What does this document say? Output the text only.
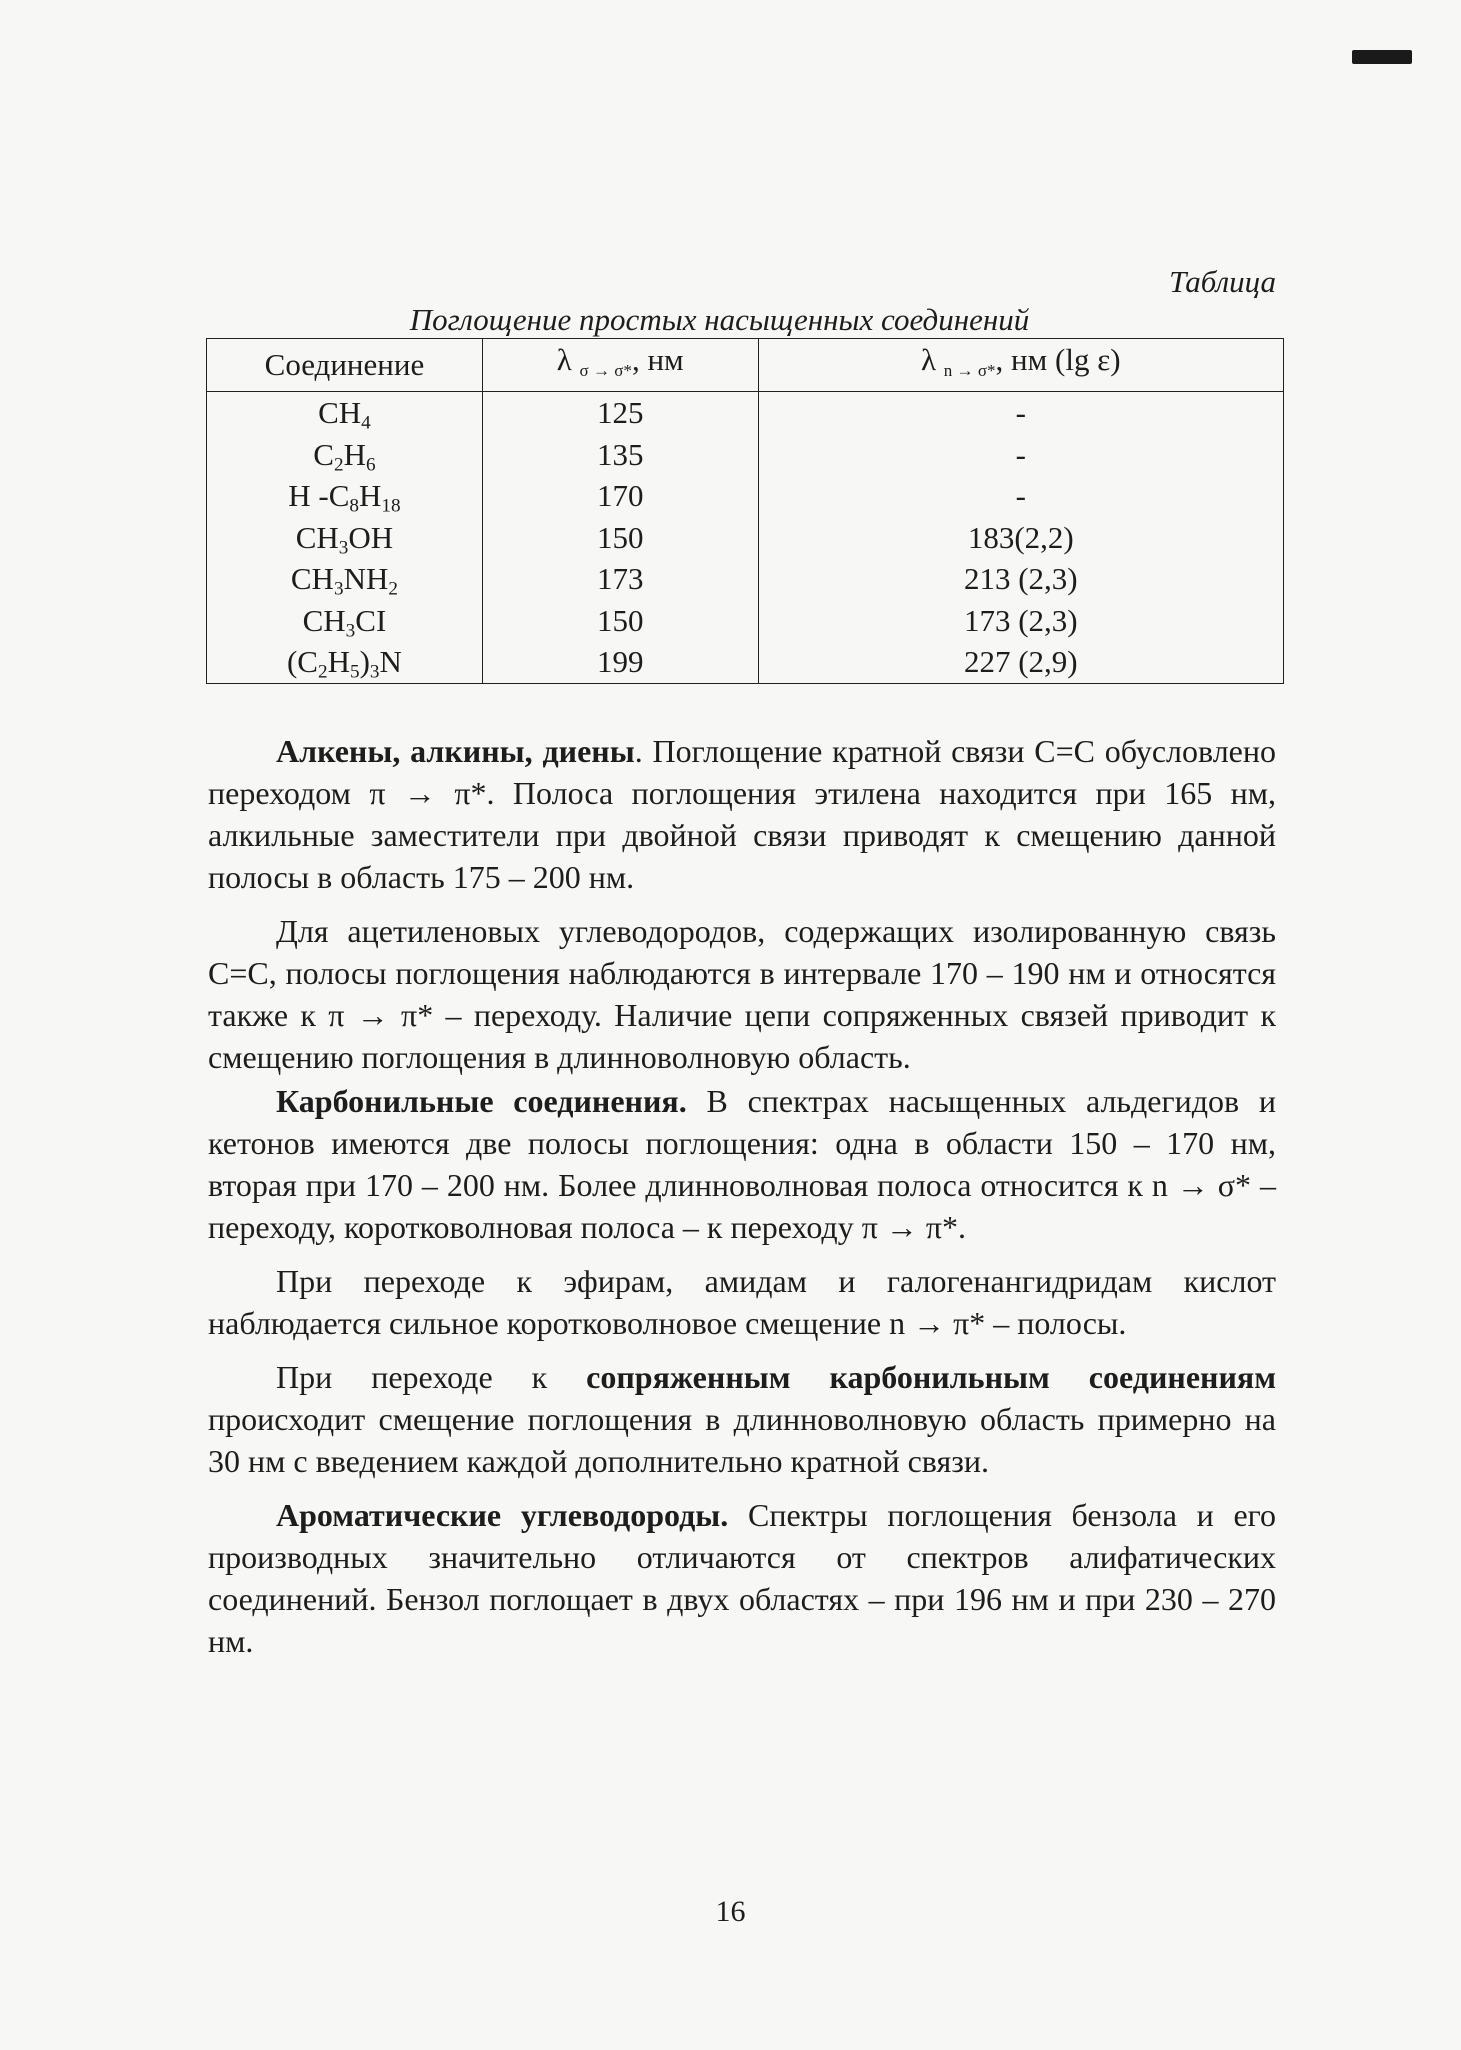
Таблица

Поглощение простых насыщенных соединений

Соединение	λ σ → σ*, нм	λ n → σ*, нм (lg ε)
$CH_4$	125	-
$C_2H_6$	135	-
H $-C_8H_{18}$	170	-
$CH_3OH$	150	183(2,2)
$CH_3NH_2$	173	213 (2,3)
$CH_3CI$	150	173 (2,3)
$(C_2H_5)_3N$	199	227 (2,9)

Алкены, алкины, диены. Поглощение кратной связи С=С обусловлено переходом π → π*. Полоса поглощения этилена находится при 165 нм, алкильные заместители при двойной связи приводят к смещению данной полосы в область 175 – 200 нм.

Для ацетиленовых углеводородов, содержащих изолированную связь С=С, полосы поглощения наблюдаются в интервале 170 – 190 нм и относятся также к π → π* – переходу. Наличие цепи сопряженных связей приводит к смещению поглощения в длинноволновую область.

Карбонильные соединения. В спектрах насыщенных альдегидов и кетонов имеются две полосы поглощения: одна в области 150 – 170 нм, вторая при 170 – 200 нм. Более длинноволновая полоса относится к n → σ* – переходу, коротковолновая полоса – к переходу π → π*.

При переходе к эфирам, амидам и галогенангидридам кислот наблюдается сильное коротковолновое смещение n → π* – полосы.

При переходе к сопряженным карбонильным соединениям происходит смещение поглощения в длинноволновую область примерно на 30 нм с введением каждой дополнительно кратной связи.

Ароматические углеводороды. Спектры поглощения бензола и его производных значительно отличаются от спектров алифатических соединений. Бензол поглощает в двух областях – при 196 нм и при 230 – 270 нм.

16
